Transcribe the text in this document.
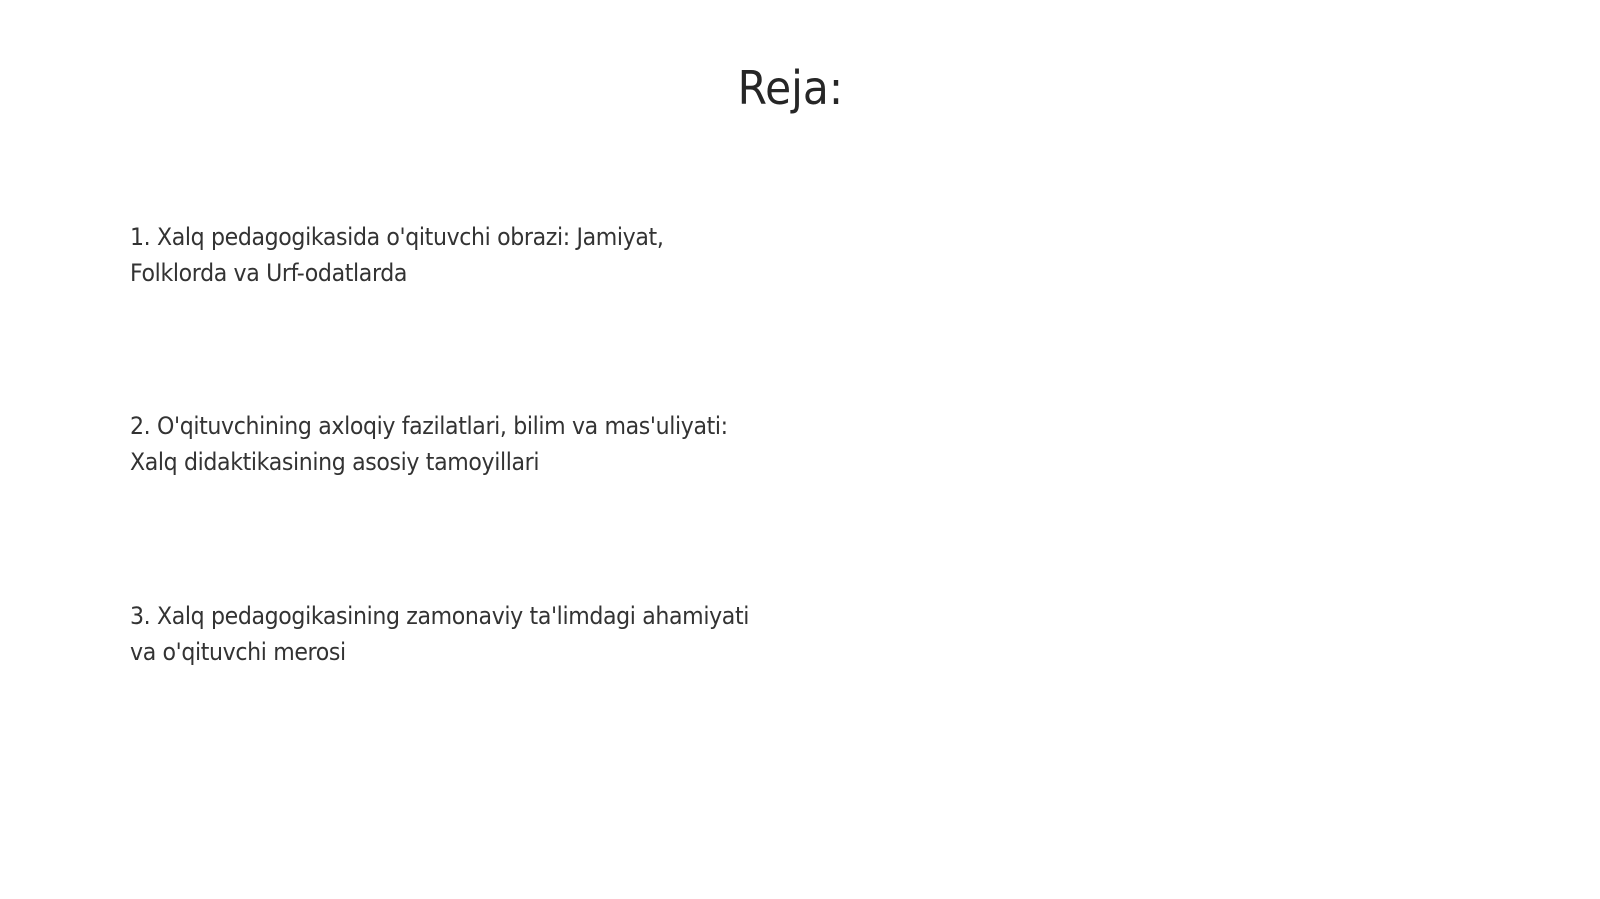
Reja:

1. Xalq pedagogikasida o'qituvchi obrazi: Jamiyat,
Folklorda va Urf-odatlarda

2. O'qituvchining axloqiy fazilatlari, bilim va mas'uliyati:
Xalq didaktikasining asosiy tamoyillari

3. Xalq pedagogikasining zamonaviy ta'limdagi ahamiyati
va o'qituvchi merosi
